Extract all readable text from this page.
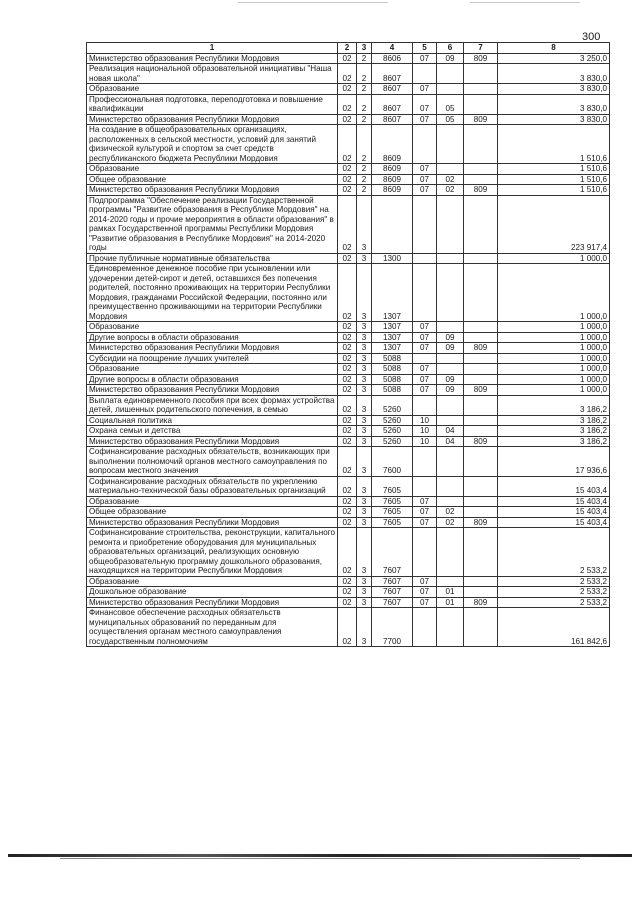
300
1	2	3	4	5	6	7	8
Министерство образования Республики Мордовия	02	2	8606	07	09	809	3 250,0
Реализация национальной образовательной инициативы "Наша новая школа"	02	2	8607				3 830,0
Образование	02	2	8607	07			3 830,0
Профессиональная подготовка, переподготовка и повышение квалификации	02	2	8607	07	05		3 830,0
Министерство образования Республики Мордовия	02	2	8607	07	05	809	3 830,0
На создание в общеобразовательных организациях, расположенных в сельской местности, условий для занятий физической культурой и спортом за счет средств республиканского бюджета Республики Мордовия	02	2	8609				1 510,6
Образование	02	2	8609	07			1 510,6
Общее образование	02	2	8609	07	02		1 510,6
Министерство образования Республики Мордовия	02	2	8609	07	02	809	1 510,6
Подпрограмма "Обеспечение реализации Государственной программы "Развитие образования в Республике Мордовия" на 2014-2020 годы и прочие мероприятия в области образования" в рамках Государственной программы Республики Мордовия "Развитие образования в Республике Мордовия" на 2014-2020 годы	02	3					223 917,4
Прочие публичные нормативные обязательства	02	3	1300				1 000,0
Единовременное денежное пособие при усыновлении или удочерении детей-сирот и детей, оставшихся без попечения родителей, постоянно проживающих на территории Республики Мордовия, гражданами Российской Федерации, постоянно или преимущественно проживающими на территории Республики Мордовия	02	3	1307				1 000,0
Образование	02	3	1307	07			1 000,0
Другие вопросы в области образования	02	3	1307	07	09		1 000,0
Министерство образования Республики Мордовия	02	3	1307	07	09	809	1 000,0
Субсидии на поощрение лучших учителей	02	3	5088				1 000,0
Образование	02	3	5088	07			1 000,0
Другие вопросы в области образования	02	3	5088	07	09		1 000,0
Министерство образования Республики Мордовия	02	3	5088	07	09	809	1 000,0
Выплата единовременного пособия при всех формах устройства детей, лишенных родительского попечения, в семью	02	3	5260				3 186,2
Социальная политика	02	3	5260	10			3 186,2
Охрана семьи и детства	02	3	5260	10	04		3 186,2
Министерство образования Республики Мордовия	02	3	5260	10	04	809	3 186,2
Софинансирование расходных обязательств, возникающих при выполнении полномочий органов местного самоуправления по вопросам местного значения	02	3	7600				17 936,6
Софинансирование расходных обязательств по укреплению материально-технической базы образовательных организаций	02	3	7605				15 403,4
Образование	02	3	7605	07			15 403,4
Общее образование	02	3	7605	07	02		15 403,4
Министерство образования Республики Мордовия	02	3	7605	07	02	809	15 403,4
Софинансирование строительства, реконструкции, капитального ремонта и приобретение оборудования для муниципальных образовательных организаций, реализующих основную общеобразовательную программу дошкольного образования, находящихся на территории Республики Мордовия	02	3	7607				2 533,2
Образование	02	3	7607	07			2 533,2
Дошкольное образование	02	3	7607	07	01		2 533,2
Министерство образования Республики Мордовия	02	3	7607	07	01	809	2 533,2
Финансовое обеспечение расходных обязательств муниципальных образований по переданным для осуществления органам местного самоуправления государственным полномочиям	02	3	7700				161 842,6
